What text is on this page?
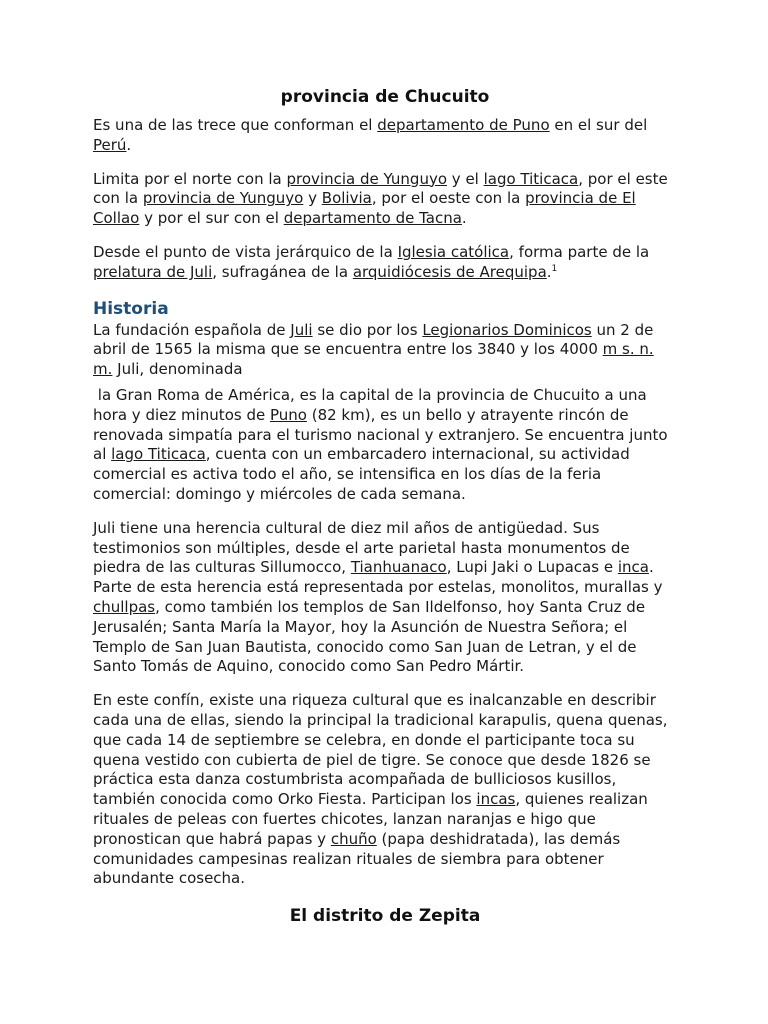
provincia de Chucuito

Es una de las trece que conforman el departamento de Puno en el sur del Perú.

Limita por el norte con la provincia de Yunguyo y el lago Titicaca, por el este con la provincia de Yunguyo y Bolivia, por el oeste con la provincia de El Collao y por el sur con el departamento de Tacna.

Desde el punto de vista jerárquico de la Iglesia católica, forma parte de la prelatura de Juli, sufragánea de la arquidiócesis de Arequipa.$^1$

Historia

La fundación española de Juli se dio por los Legionarios Dominicos un 2 de abril de 1565 la misma que se encuentra entre los 3840 y los 4000 m s. n. m. Juli, denominada

la Gran Roma de América, es la capital de la provincia de Chucuito a una hora y diez minutos de Puno (82 km), es un bello y atrayente rincón de renovada simpatía para el turismo nacional y extranjero. Se encuentra junto al lago Titicaca, cuenta con un embarcadero internacional, su actividad comercial es activa todo el año, se intensifica en los días de la feria comercial: domingo y miércoles de cada semana.

Juli tiene una herencia cultural de diez mil años de antigüedad. Sus testimonios son múltiples, desde el arte parietal hasta monumentos de piedra de las culturas Sillumocco, Tianhuanaco, Lupi Jaki o Lupacas e inca. Parte de esta herencia está representada por estelas, monolitos, murallas y chullpas, como también los templos de San Ildelfonso, hoy Santa Cruz de Jerusalén; Santa María la Mayor, hoy la Asunción de Nuestra Señora; el Templo de San Juan Bautista, conocido como San Juan de Letran, y el de Santo Tomás de Aquino, conocido como San Pedro Mártir.

En este confín, existe una riqueza cultural que es inalcanzable en describir cada una de ellas, siendo la principal la tradicional karapulis, quena quenas, que cada 14 de septiembre se celebra, en donde el participante toca su quena vestido con cubierta de piel de tigre. Se conoce que desde 1826 se práctica esta danza costumbrista acompañada de bulliciosos kusillos, también conocida como Orko Fiesta. Participan los incas, quienes realizan rituales de peleas con fuertes chicotes, lanzan naranjas e higo que pronostican que habrá papas y chuño (papa deshidratada), las demás comunidades campesinas realizan rituales de siembra para obtener abundante cosecha.

El distrito de Zepita
